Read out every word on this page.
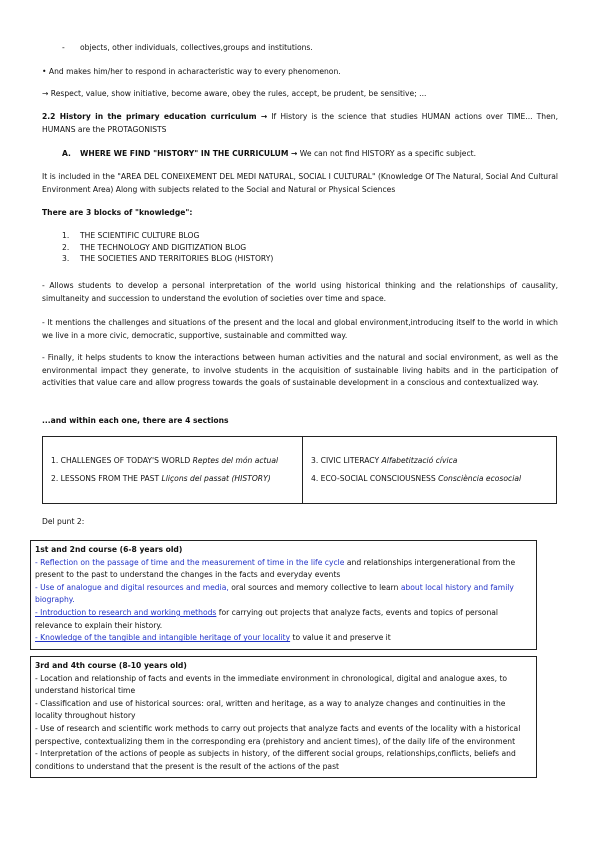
- objects, other individuals, collectives,groups and institutions.

• And makes him/her to respond in acharacteristic way to every phenomenon.

→ Respect, value, show initiative, become aware, obey the rules, accept, be prudent, be sensitive; ...

2.2 History in the primary education curriculum → If History is the science that studies HUMAN actions over TIME... Then, HUMANS are the PROTAGONISTS

A. WHERE WE FIND "HISTORY" IN THE CURRICULUM → We can not find HISTORY as a specific subject.

It is included in the "AREA DEL CONEIXEMENT DEL MEDI NATURAL, SOCIAL I CULTURAL" (Knowledge Of The Natural, Social And Cultural Environment Area) Along with subjects related to the Social and Natural or Physical Sciences

There are 3 blocks of "knowledge":

1. THE SCIENTIFIC CULTURE BLOG
2. THE TECHNOLOGY AND DIGITIZATION BLOG
3. THE SOCIETIES AND TERRITORIES BLOG (HISTORY)

- Allows students to develop a personal interpretation of the world using historical thinking and the relationships of causality, simultaneity and succession to understand the evolution of societies over time and space.

- It mentions the challenges and situations of the present and the local and global environment,introducing itself to the world in which we live in a more civic, democratic, supportive, sustainable and committed way.

- Finally, it helps students to know the interactions between human activities and the natural and social environment, as well as the environmental impact they generate, to involve students in the acquisition of sustainable living habits and in the participation of activities that value care and allow progress towards the goals of sustainable development in a conscious and contextualized way.

...and within each one, there are 4 sections

1. CHALLENGES OF TODAY'S WORLD Reptes del món actual
2. LESSONS FROM THE PAST Lliçons del passat (HISTORY)

3. CIVIC LITERACY Alfabetització cívica
4. ECO-SOCIAL CONSCIOUSNESS Consciència ecosocial

Del punt 2:

1st and 2nd course (6-8 years old)
- Reflection on the passage of time and the measurement of time in the life cycle and relationships intergenerational from the present to the past to understand the changes in the facts and everyday events
- Use of analogue and digital resources and media, oral sources and memory collective to learn about local history and family biography.
- Introduction to research and working methods for carrying out projects that analyze facts, events and topics of personal relevance to explain their history.
- Knowledge of the tangible and intangible heritage of your locality to value it and preserve it
3rd and 4th course (8-10 years old)
- Location and relationship of facts and events in the immediate environment in chronological, digital and analogue axes, to understand historical time
- Classification and use of historical sources: oral, written and heritage, as a way to analyze changes and continuities in the locality throughout history
- Use of research and scientific work methods to carry out projects that analyze facts and events of the locality with a historical perspective, contextualizing them in the corresponding era (prehistory and ancient times), of the daily life of the environment
- Interpretation of the actions of people as subjects in history, of the different social groups, relationships,conflicts, beliefs and conditions to understand that the present is the result of the actions of the past
